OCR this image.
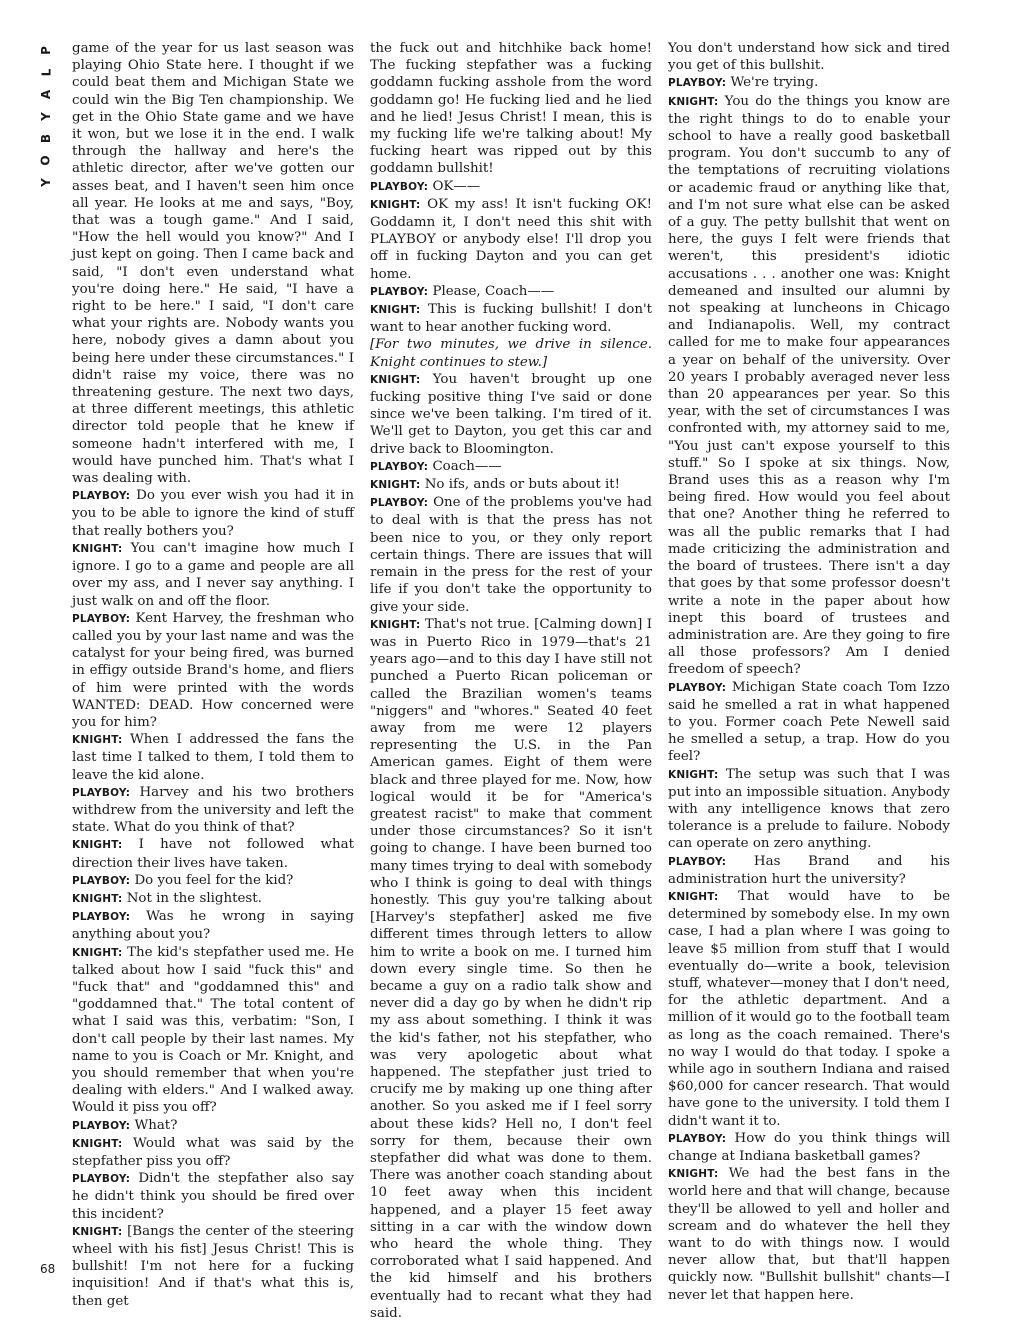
P
L
A
Y
B
O
Y

game of the year for us last season was playing Ohio State here. I thought if we could beat them and Michigan State we could win the Big Ten championship. We get in the Ohio State game and we have it won, but we lose it in the end. I walk through the hallway and here's the athletic director, after we've gotten our asses beat, and I haven't seen him once all year. He looks at me and says, "Boy, that was a tough game." And I said, "How the hell would you know?" And I just kept on going. Then I came back and said, "I don't even understand what you're doing here." He said, "I have a right to be here." I said, "I don't care what your rights are. Nobody wants you here, nobody gives a damn about you being here under these circumstances." I didn't raise my voice, there was no threatening gesture. The next two days, at three different meetings, this athletic director told people that he knew if someone hadn't interfered with me, I would have punched him. That's what I was dealing with.

PLAYBOY : Do you ever wish you had it in you to be able to ignore the kind of stuff that really bothers you?

KNIGHT : You can't imagine how much I ignore. I go to a game and people are all over my ass, and I never say anything. I just walk on and off the floor.

PLAYBOY : Kent Harvey, the freshman who called you by your last name and was the catalyst for your being fired, was burned in effigy outside Brand's home, and fliers of him were printed with the words WANTED: DEAD. How concerned were you for him?

KNIGHT : When I addressed the fans the last time I talked to them, I told them to leave the kid alone.

PLAYBOY : Harvey and his two brothers withdrew from the university and left the state. What do you think of that?

KNIGHT : I have not followed what direction their lives have taken.

PLAYBOY : Do you feel for the kid?

KNIGHT : Not in the slightest.

PLAYBOY : Was he wrong in saying anything about you?

KNIGHT : The kid's stepfather used me. He talked about how I said "fuck this" and "fuck that" and "goddamned this" and "goddamned that." The total content of what I said was this, verbatim: "Son, I don't call people by their last names. My name to you is Coach or Mr. Knight, and you should remember that when you're dealing with elders." And I walked away. Would it piss you off?

PLAYBOY : What?

KNIGHT : Would what was said by the stepfather piss you off?

PLAYBOY : Didn't the stepfather also say he didn't think you should be fired over this incident?

KNIGHT : [Bangs the center of the steering wheel with his fist] Jesus Christ! This is bullshit! I'm not here for a fucking inquisition! And if that's what this is, then get

the fuck out and hitchhike back home! The fucking stepfather was a fucking goddamn fucking asshole from the word goddamn go! He fucking lied and he lied and he lied! Jesus Christ! I mean, this is my fucking life we're talking about! My fucking heart was ripped out by this goddamn bullshit!

PLAYBOY : OK——

KNIGHT : OK my ass! It isn't fucking OK! Goddamn it, I don't need this shit with PLAYBOY or anybody else! I'll drop you off in fucking Dayton and you can get home.

PLAYBOY : Please, Coach——

KNIGHT : This is fucking bullshit! I don't want to hear another fucking word.

[For two minutes, we drive in silence. Knight continues to stew.]

KNIGHT : You haven't brought up one fucking positive thing I've said or done since we've been talking. I'm tired of it. We'll get to Dayton, you get this car and drive back to Bloomington.

PLAYBOY : Coach——

KNIGHT : No ifs, ands or buts about it!

PLAYBOY : One of the problems you've had to deal with is that the press has not been nice to you, or they only report certain things. There are issues that will remain in the press for the rest of your life if you don't take the opportunity to give your side.

KNIGHT : That's not true. [Calming down] I was in Puerto Rico in 1979—that's 21 years ago—and to this day I have still not punched a Puerto Rican policeman or called the Brazilian women's teams "niggers" and "whores." Seated 40 feet away from me were 12 players representing the U.S. in the Pan American games. Eight of them were black and three played for me. Now, how logical would it be for "America's greatest racist" to make that comment under those circumstances? So it isn't going to change. I have been burned too many times trying to deal with somebody who I think is going to deal with things honestly. This guy you're talking about [Harvey's stepfather] asked me five different times through letters to allow him to write a book on me. I turned him down every single time. So then he became a guy on a radio talk show and never did a day go by when he didn't rip my ass about something. I think it was the kid's father, not his stepfather, who was very apologetic about what happened. The stepfather just tried to crucify me by making up one thing after another. So you asked me if I feel sorry about these kids? Hell no, I don't feel sorry for them, because their own stepfather did what was done to them. There was another coach standing about 10 feet away when this incident happened, and a player 15 feet away sitting in a car with the window down who heard the whole thing. They corroborated what I said happened. And the kid himself and his brothers eventually had to recant what they had said.

You don't understand how sick and tired you get of this bullshit.

PLAYBOY : We're trying.

KNIGHT : You do the things you know are the right things to do to enable your school to have a really good basketball program. You don't succumb to any of the temptations of recruiting violations or academic fraud or anything like that, and I'm not sure what else can be asked of a guy. The petty bullshit that went on here, the guys I felt were friends that weren't, this president's idiotic accusations . . . another one was: Knight demeaned and insulted our alumni by not speaking at luncheons in Chicago and Indianapolis. Well, my contract called for me to make four appearances a year on behalf of the university. Over 20 years I probably averaged never less than 20 appearances per year. So this year, with the set of circumstances I was confronted with, my attorney said to me, "You just can't expose yourself to this stuff." So I spoke at six things. Now, Brand uses this as a reason why I'm being fired. How would you feel about that one? Another thing he referred to was all the public remarks that I had made criticizing the administration and the board of trustees. There isn't a day that goes by that some professor doesn't write a note in the paper about how inept this board of trustees and administration are. Are they going to fire all those professors? Am I denied freedom of speech?

PLAYBOY : Michigan State coach Tom Izzo said he smelled a rat in what happened to you. Former coach Pete Newell said he smelled a setup, a trap. How do you feel?

KNIGHT : The setup was such that I was put into an impossible situation. Anybody with any intelligence knows that zero tolerance is a prelude to failure. Nobody can operate on zero anything.

PLAYBOY : Has Brand and his administration hurt the university?

KNIGHT : That would have to be determined by somebody else. In my own case, I had a plan where I was going to leave $5 million from stuff that I would eventually do—write a book, television stuff, whatever—money that I don't need, for the athletic department. And a million of it would go to the football team as long as the coach remained. There's no way I would do that today. I spoke a while ago in southern Indiana and raised $60,000 for cancer research. That would have gone to the university. I told them I didn't want it to.

PLAYBOY : How do you think things will change at Indiana basketball games?

KNIGHT : We had the best fans in the world here and that will change, because they'll be allowed to yell and holler and scream and do whatever the hell they want to do with things now. I would never allow that, but that'll happen quickly now. "Bullshit bullshit" chants—I never let that happen here.

68
